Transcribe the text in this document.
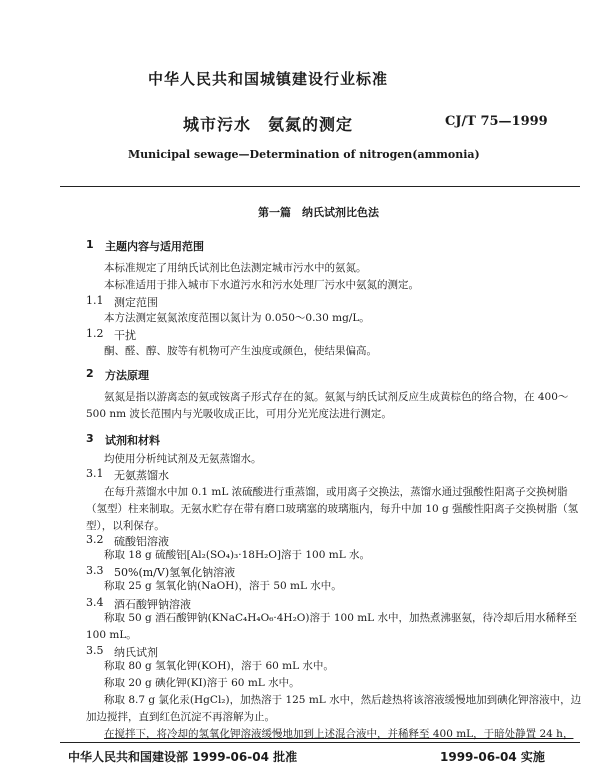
中华人民共和国城镇建设行业标准
城市污水　氨氮的测定	CJ/T 75—1999
Municipal sewage—Determination of nitrogen(ammonia)
第一篇　纳氏试剂比色法
1 主题内容与适用范围
本标准规定了用纳氏试剂比色法测定城市污水中的氨氮。
本标准适用于排入城市下水道污水和污水处理厂污水中氨氮的测定。
1.1 测定范围
本方法测定氨氮浓度范围以氮计为 0.050～0.30 mg/L。
1.2 干扰
酮、醛、醇、胺等有机物可产生浊度或颜色，使结果偏高。
2 方法原理
氨氮是指以游离态的氨或铵离子形式存在的氮。氨氮与纳氏试剂反应生成黄棕色的络合物，在 400～500 nm 波长范围内与光吸收成正比，可用分光光度法进行测定。
3 试剂和材料
均使用分析纯试剂及无氨蒸馏水。
3.1 无氨蒸馏水
在每升蒸馏水中加 0.1 mL 浓硫酸进行重蒸馏，或用离子交换法，蒸馏水通过强酸性阳离子交换树脂（氢型）柱来制取。无氨水贮存在带有磨口玻璃塞的玻璃瓶内，每升中加 10 g 强酸性阳离子交换树脂（氢型），以利保存。
3.2 硫酸铝溶液
称取 18 g 硫酸铝[Al₂(SO₄)₃·18H₂O]溶于 100 mL 水。
3.3 50%(m/V)氢氧化钠溶液
称取 25 g 氢氧化钠(NaOH)，溶于 50 mL 水中。
3.4 酒石酸钾钠溶液
称取 50 g 酒石酸钾钠(KNaC₄H₄O₆·4H₂O)溶于 100 mL 水中，加热煮沸驱氨，待冷却后用水稀释至 100 mL。
3.5 纳氏试剂
称取 80 g 氢氧化钾(KOH)，溶于 60 mL 水中。
称取 20 g 碘化钾(KI)溶于 60 mL 水中。
称取 8.7 g 氯化汞(HgCl₂)，加热溶于 125 mL 水中，然后趁热将该溶液缓慢地加到碘化钾溶液中，边加边搅拌，直到红色沉淀不再溶解为止。
在搅拌下，将冷却的氢氧化钾溶液缓慢地加到上述混合液中，并稀释至 400 mL，于暗处静置 24 h，
中华人民共和国建设部 1999-06-04 批准	1999-06-04 实施
